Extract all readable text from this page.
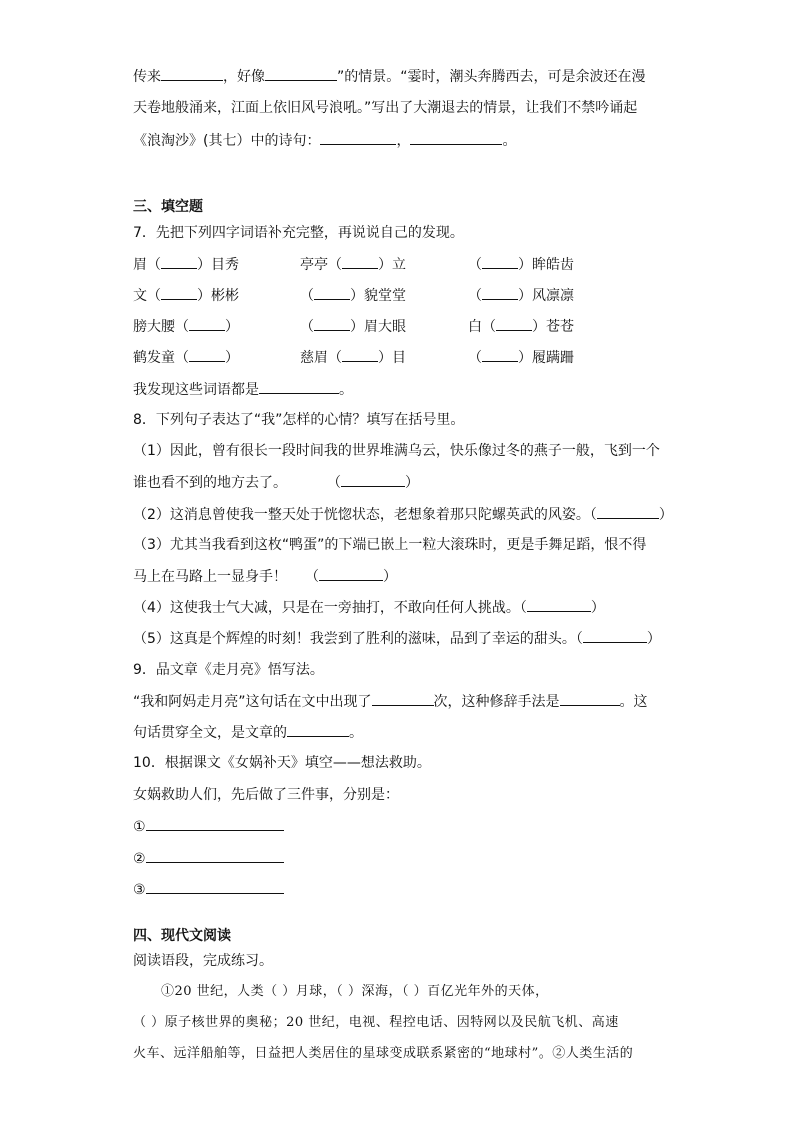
传来	，好像	”的情景。“霎时，潮头奔腾西去，可是余波还在漫
天卷地般涌来，江面上依旧风号浪吼。”写出了大潮退去的情景，让我们不禁吟诵起
《浪淘沙》(其七）中的诗句：	，	。
三、填空题
7．先把下列四字词语补充完整，再说说自己的发现。
眉（	）目秀	亭亭（	）立	（	）眸皓齿
文（	）彬彬	（	）貌堂堂	（	）风凛凛
膀大腰（	）	（	）眉大眼	白（	）苍苍
鹤发童（	）	慈眉（	）目	（	）履蹒跚
我发现这些词语都是	。
8．下列句子表达了“我”怎样的心情？填写在括号里。
（1）因此，曾有很长一段时间我的世界堆满乌云，快乐像过冬的燕子一般，飞到一个
谁也看不到的地方去了。	（	）
（2）这消息曾使我一整天处于恍惚状态，老想象着那只陀螺英武的风姿。（	）
（3）尤其当我看到这枚“鸭蛋”的下端已嵌上一粒大滚珠时，更是手舞足蹈，恨不得
马上在马路上一显身手！ （	）
（4）这使我士气大减，只是在一旁抽打，不敢向任何人挑战。（	）
（5）这真是个辉煌的时刻！我尝到了胜利的滋味，品到了幸运的甜头。（	）
9．品文章《走月亮》悟写法。
“我和阿妈走月亮”这句话在文中出现了	次，这种修辞手法是	。这
句话贯穿全文，是文章的	。
10．根据课文《女娲补天》填空——想法救助。
女娲救助人们，先后做了三件事，分别是：
①
②
③
四、现代文阅读
阅读语段，完成练习。
①20 世纪，人类（ ）月球，（ ）深海，（ ）百亿光年外的天体，
（ ）原子核世界的奥秘；20 世纪，电视、程控电话、因特网以及民航飞机、高速
火车、远洋船舶等，日益把人类居住的星球变成联系紧密的“地球村”。②人类生活的
